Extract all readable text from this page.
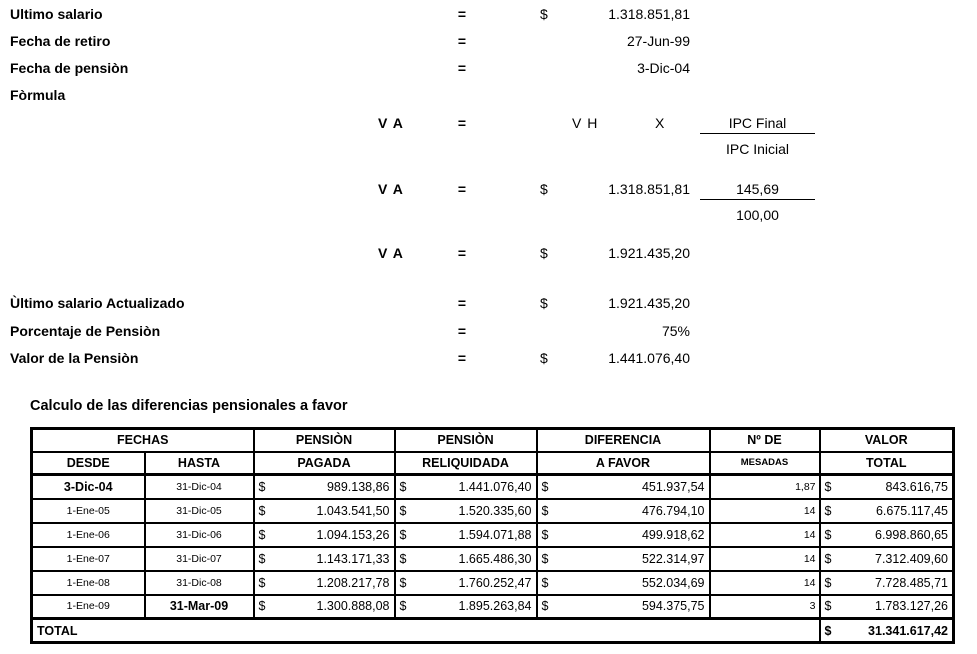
Ultimo salario	=	$	1.318.851,81
Fecha de retiro	=	27-Jun-99
Fecha de pensiòn	=	3-Dic-04
Fòrmula
V A	=	V H	X	IPC Final
IPC Inicial
V A	=	$	1.318.851,81	145,69
100,00
V A	=	$	1.921.435,20
Ùltimo salario Actualizado	=	$	1.921.435,20
Porcentaje de Pensiòn	=	75%
Valor de la Pensiòn	=	$	1.441.076,40
Calculo de las diferencias pensionales a favor
FECHAS		PENSIÒN	PENSIÒN	DIFERENCIA	Nº DE	VALOR
DESDE	HASTA	PAGADA	RELIQUIDADA	A FAVOR	MESADAS	TOTAL
3-Dic-04	31-Dic-04	$ 989.138,86	$ 1.441.076,40	$ 451.937,54	1,87	$ 843.616,75

1-Ene-05	31-Dic-05	$ 1.043.541,50	$ 1.520.335,60	$ 476.794,10	14	$ 6.675.117,45

1-Ene-06	31-Dic-06	$ 1.094.153,26	$ 1.594.071,88	$ 499.918,62	14	$ 6.998.860,65

1-Ene-07	31-Dic-07	$ 1.143.171,33	$ 1.665.486,30	$ 522.314,97	14	$ 7.312.409,60

1-Ene-08	31-Dic-08	$ 1.208.217,78	$ 1.760.252,47	$ 552.034,69	14	$ 7.728.485,71

1-Ene-09	31-Mar-09	$ 1.300.888,08	$ 1.895.263,84	$ 594.375,75	3	$ 1.783.127,26

TOTAL						$ 31.341.617,42
